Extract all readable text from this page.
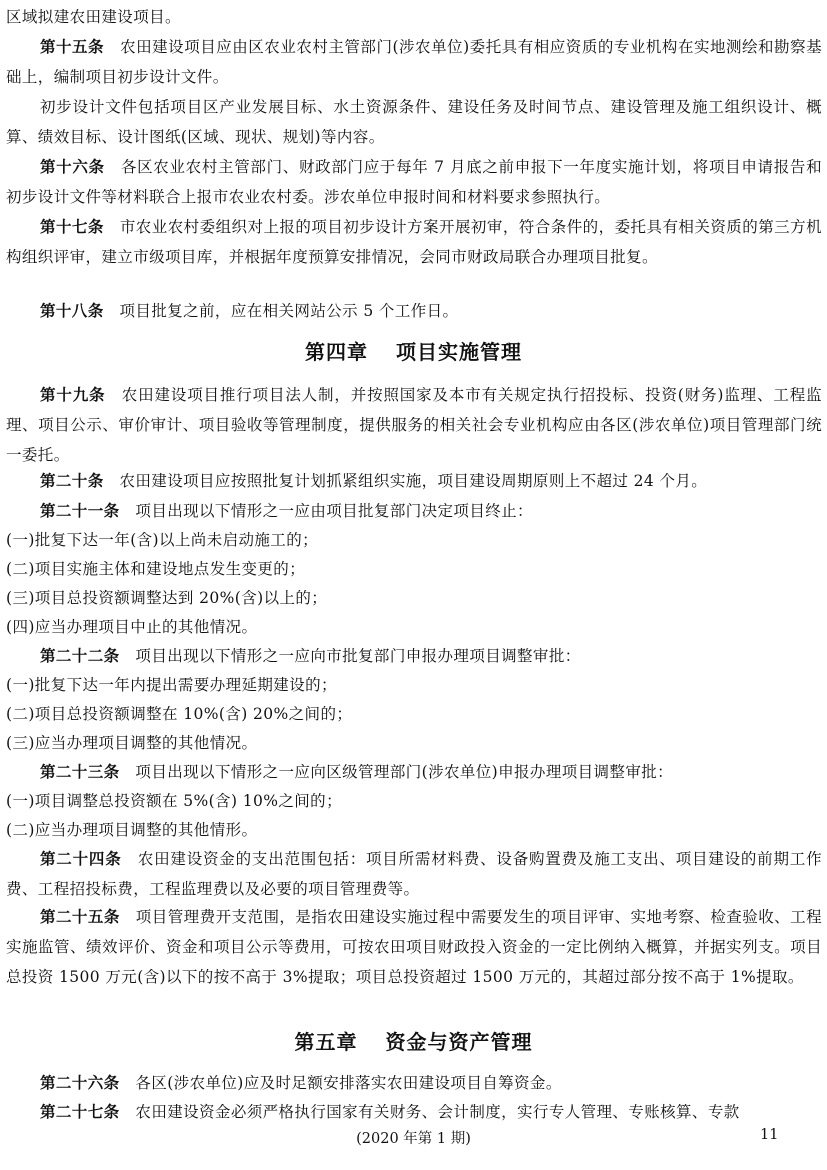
区域拟建农田建设项目。

第十五条　 农田建设项目应由区农业农村主管部门(涉农单位)委托具有相应资质的专业机构在实地测绘和勘察基础上，编制项目初步设计文件。

初步设计文件包括项目区产业发展目标、水土资源条件、建设任务及时间节点、建设管理及施工组织设计、概算、绩效目标、设计图纸(区域、现状、规划)等内容。

第十六条　 各区农业农村主管部门、财政部门应于每年 7 月底之前申报下一年度实施计划，将项目申请报告和初步设计文件等材料联合上报市农业农村委。涉农单位申报时间和材料要求参照执行。

第十七条　 市农业农村委组织对上报的项目初步设计方案开展初审，符合条件的，委托具有相关资质的第三方机构组织评审，建立市级项目库，并根据年度预算安排情况，会同市财政局联合办理项目批复。

第十八条　 项目批复之前，应在相关网站公示 5 个工作日。

第四章 项目实施管理

第十九条　 农田建设项目推行项目法人制，并按照国家及本市有关规定执行招投标、投资(财务)监理、工程监理、项目公示、审价审计、项目验收等管理制度，提供服务的相关社会专业机构应由各区(涉农单位)项目管理部门统一委托。

第二十条　 农田建设项目应按照批复计划抓紧组织实施，项目建设周期原则上不超过 24 个月。

第二十一条　 项目出现以下情形之一应由项目批复部门决定项目终止：

(一)批复下达一年(含)以上尚未启动施工的；

(二)项目实施主体和建设地点发生变更的；

(三)项目总投资额调整达到 20%(含)以上的；

(四)应当办理项目中止的其他情况。

第二十二条　 项目出现以下情形之一应向市批复部门申报办理项目调整审批：

(一)批复下达一年内提出需要办理延期建设的；

(二)项目总投资额调整在 10%(含) 20%之间的；

(三)应当办理项目调整的其他情况。

第二十三条　 项目出现以下情形之一应向区级管理部门(涉农单位)申报办理项目调整审批：

(一)项目调整总投资额在 5%(含) 10%之间的；

(二)应当办理项目调整的其他情形。

第二十四条　 农田建设资金的支出范围包括：项目所需材料费、设备购置费及施工支出、项目建设的前期工作费、工程招投标费，工程监理费以及必要的项目管理费等。

第二十五条　 项目管理费开支范围，是指农田建设实施过程中需要发生的项目评审、实地考察、检查验收、工程实施监管、绩效评价、资金和项目公示等费用，可按农田项目财政投入资金的一定比例纳入概算，并据实列支。项目总投资 1500 万元(含)以下的按不高于 3%提取；项目总投资超过 1500 万元的，其超过部分按不高于 1%提取。

第五章 资金与资产管理

第二十六条　 各区(涉农单位)应及时足额安排落实农田建设项目自筹资金。

第二十七条　 农田建设资金必须严格执行国家有关财务、会计制度，实行专人管理、专账核算、专款

(2020 年第 1 期)	11
